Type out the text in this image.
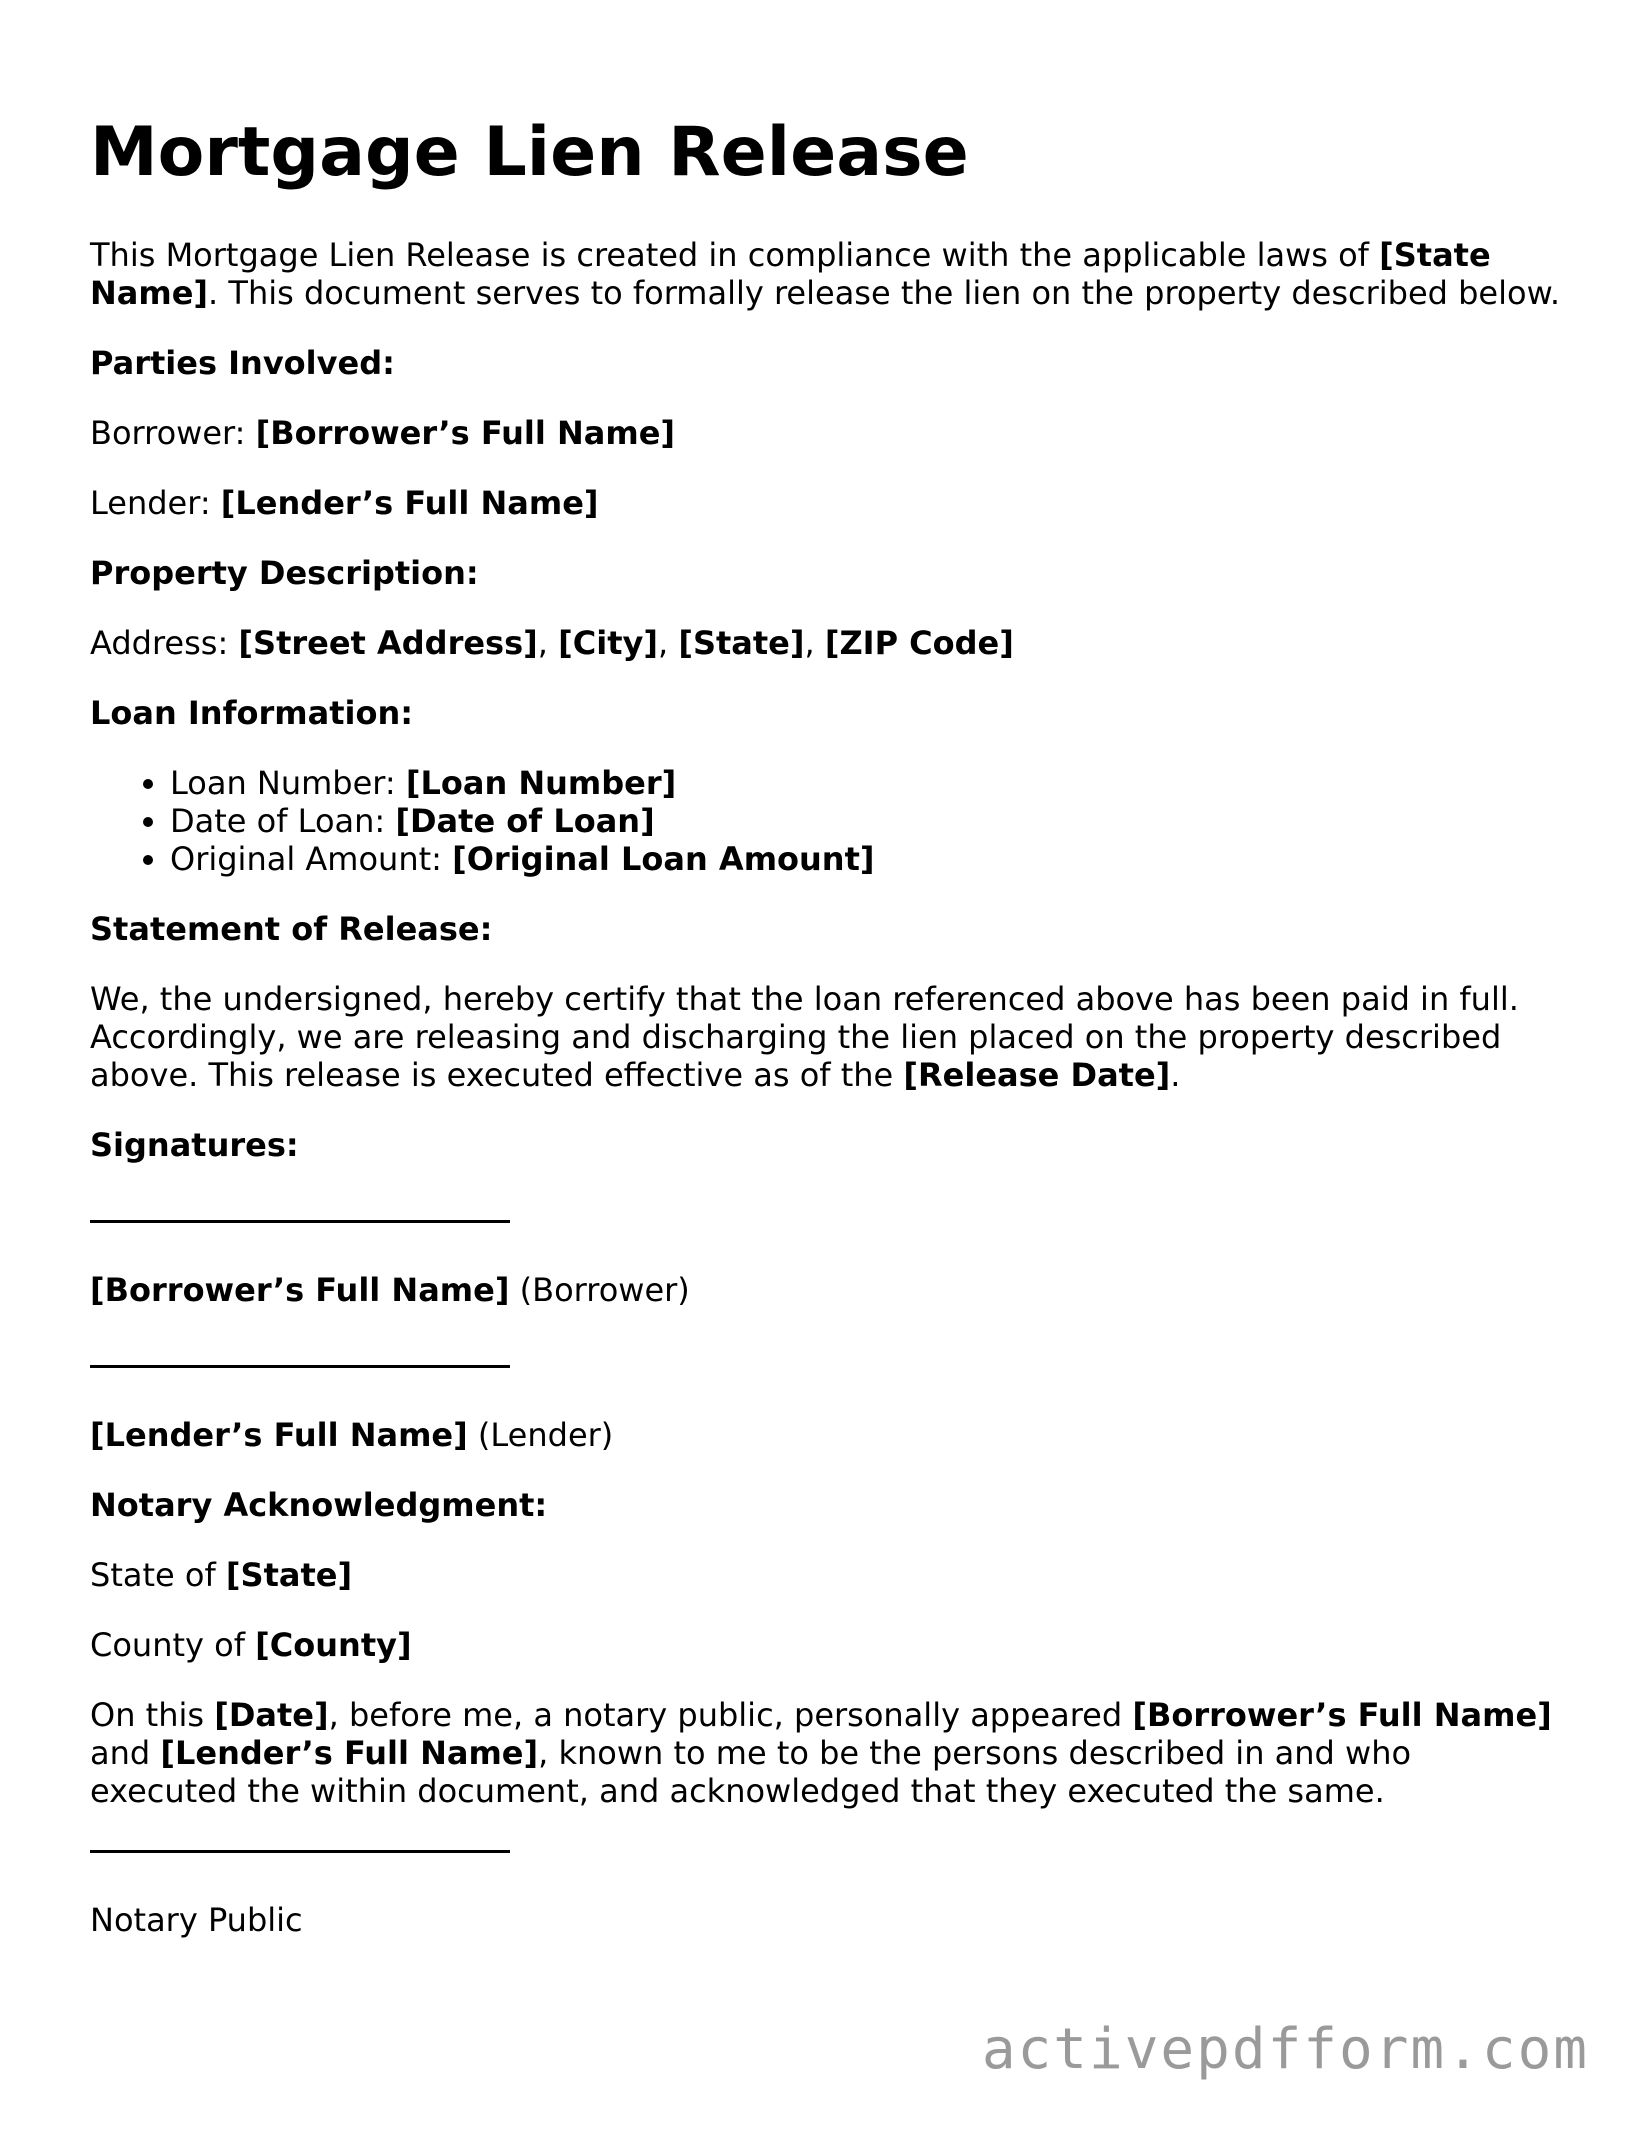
Mortgage Lien Release

This Mortgage Lien Release is created in compliance with the applicable laws of [State Name]. This document serves to formally release the lien on the property described below.

Parties Involved:

Borrower: [Borrower’s Full Name]

Lender: [Lender’s Full Name]

Property Description:

Address: [Street Address], [City], [State], [ZIP Code]

Loan Information:

• Loan Number: [Loan Number]
• Date of Loan: [Date of Loan]
• Original Amount: [Original Loan Amount]

Statement of Release:

We, the undersigned, hereby certify that the loan referenced above has been paid in full. Accordingly, we are releasing and discharging the lien placed on the property described above. This release is executed effective as of the [Release Date].

Signatures:

[Borrower’s Full Name] (Borrower)

[Lender’s Full Name] (Lender)

Notary Acknowledgment:

State of [State]

County of [County]

On this [Date], before me, a notary public, personally appeared [Borrower’s Full Name] and [Lender’s Full Name], known to me to be the persons described in and who executed the within document, and acknowledged that they executed the same.

Notary Public

activepdfform.com
